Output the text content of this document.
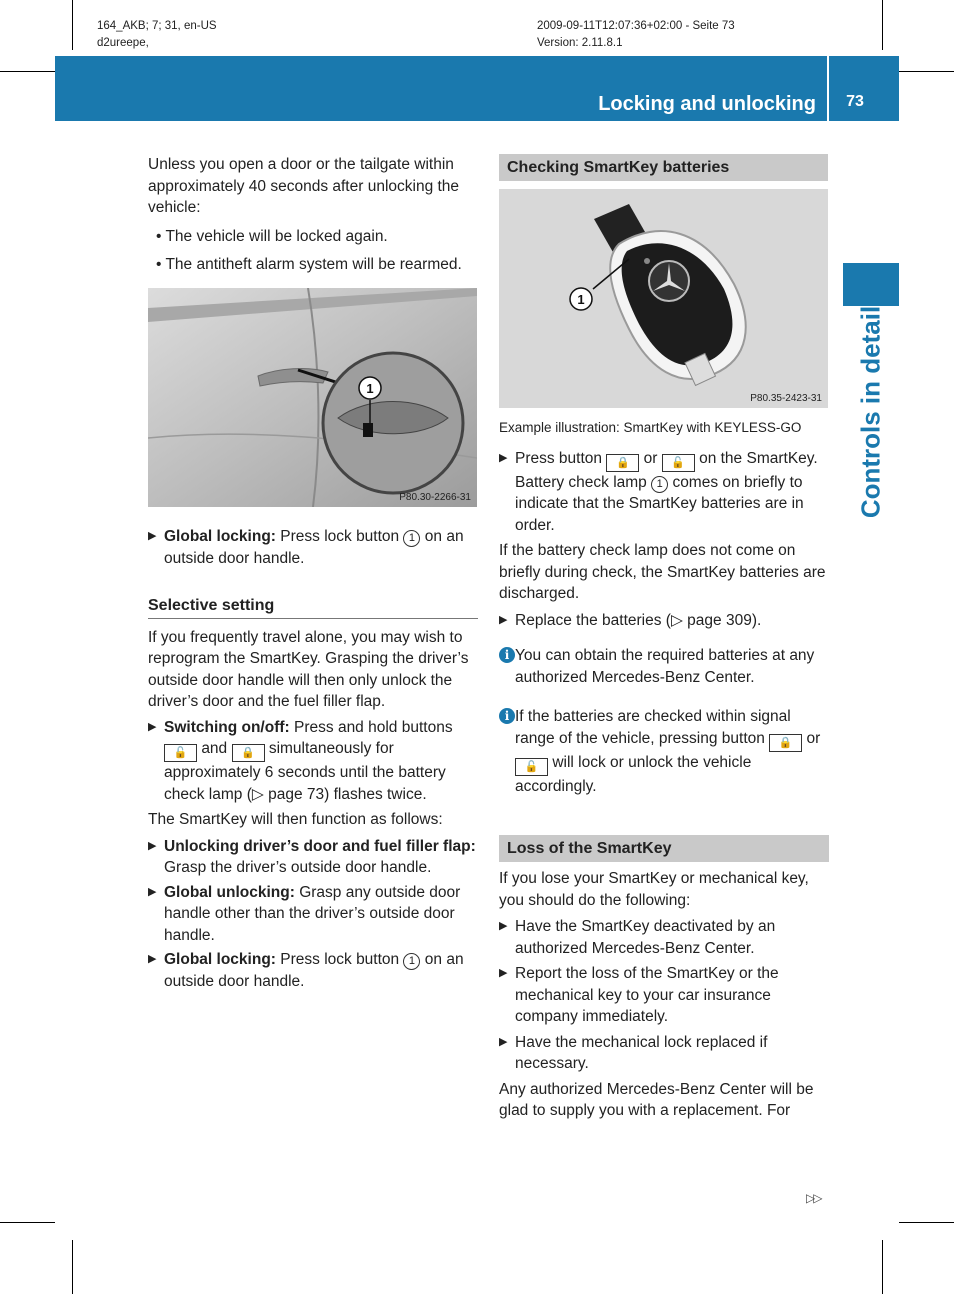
164_AKB; 7; 31, en-US
d2ureepe,
2009-09-11T12:07:36+02:00 - Seite 73
Version: 2.11.8.1
Locking and unlocking	73
Controls in detail

Unless you open a door or the tailgate within approximately 40 seconds after unlocking the vehicle:

• The vehicle will be locked again.

• The antitheft alarm system will be rearmed.

1
P80.30-2266-31

▶ Global locking: Press lock button 1 on an outside door handle.

Selective setting

If you frequently travel alone, you may wish to reprogram the SmartKey. Grasping the driver’s outside door handle will then only unlock the driver’s door and the fuel filler flap.

▶ Switching on/off: Press and hold buttons 🔓 and 🔒 simultaneously for approximately 6 seconds until the battery check lamp (▷ page 73) flashes twice.

The SmartKey will then function as follows:

▶ Unlocking driver’s door and fuel filler flap: Grasp the driver’s outside door handle.

▶ Global unlocking: Grasp any outside door handle other than the driver’s outside door handle.

▶ Global locking: Press lock button 1 on an outside door handle.

Checking SmartKey batteries

1
P80.35-2423-31

Example illustration: SmartKey with KEYLESS-GO

▶ Press button 🔒 or 🔓 on the SmartKey.
Battery check lamp 1 comes on briefly to indicate that the SmartKey batteries are in order.

If the battery check lamp does not come on briefly during check, the SmartKey batteries are discharged.

▶ Replace the batteries (▷ page 309).

i You can obtain the required batteries at any authorized Mercedes-Benz Center.

i If the batteries are checked within signal range of the vehicle, pressing button 🔒 or 🔓 will lock or unlock the vehicle accordingly.

Loss of the SmartKey

If you lose your SmartKey or mechanical key, you should do the following:

▶ Have the SmartKey deactivated by an authorized Mercedes-Benz Center.

▶ Report the loss of the SmartKey or the mechanical key to your car insurance company immediately.

▶ Have the mechanical lock replaced if necessary.

Any authorized Mercedes-Benz Center will be glad to supply you with a replacement. For

▷▷
